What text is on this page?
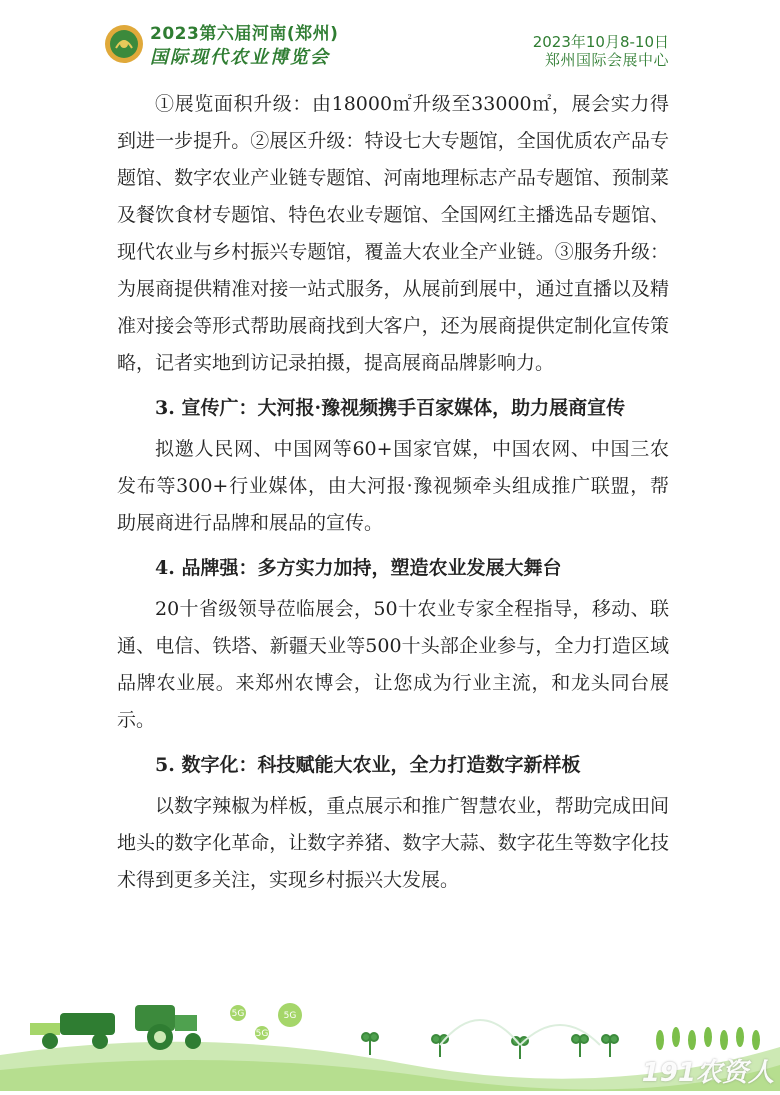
2023第六届河南(郑州)
国际现代农业博览会
2023年10月8-10日
郑州国际会展中心

①展览面积升级：由18000㎡升级至33000㎡，展会实力得到进一步提升。②展区升级：特设七大专题馆，全国优质农产品专题馆、数字农业产业链专题馆、河南地理标志产品专题馆、预制菜及餐饮食材专题馆、特色农业专题馆、全国网红主播选品专题馆、现代农业与乡村振兴专题馆，覆盖大农业全产业链。③服务升级：为展商提供精准对接一站式服务，从展前到展中，通过直播以及精准对接会等形式帮助展商找到大客户，还为展商提供定制化宣传策略，记者实地到访记录拍摄，提高展商品牌影响力。

3. 宣传广：大河报·豫视频携手百家媒体，助力展商宣传

拟邀人民网、中国网等60+国家官媒，中国农网、中国三农发布等300+行业媒体，由大河报·豫视频牵头组成推广联盟，帮助展商进行品牌和展品的宣传。

4. 品牌强：多方实力加持，塑造农业发展大舞台

20十省级领导莅临展会，50十农业专家全程指导，移动、联通、电信、铁塔、新疆天业等500十头部企业参与，全力打造区域品牌农业展。来郑州农博会，让您成为行业主流，和龙头同台展示。

5. 数字化：科技赋能大农业，全力打造数字新样板

以数字辣椒为样板，重点展示和推广智慧农业，帮助完成田间地头的数字化革命，让数字养猪、数字大蒜、数字花生等数字化技术得到更多关注，实现乡村振兴大发展。

5G	5G
5G
191农资人
